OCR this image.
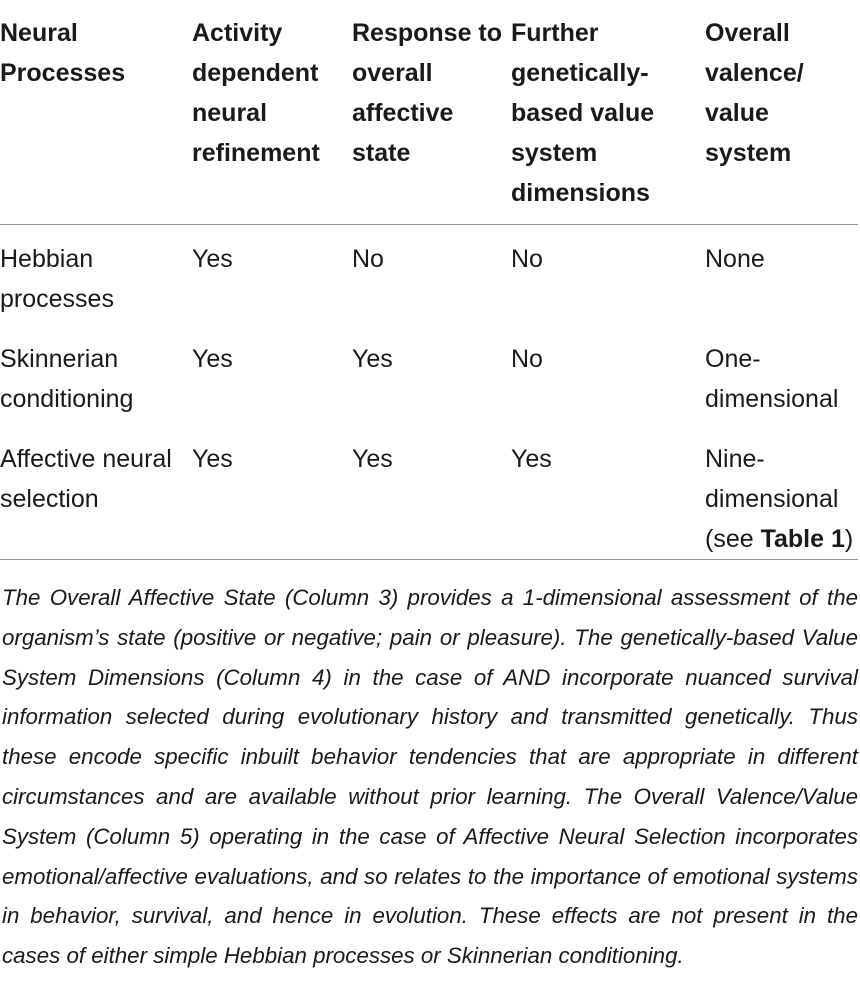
Neural Processes	Activity dependent neural refinement	Response to overall affective state	Further genetically-based value system dimensions	Overall valence/ value system
Hebbian processes	Yes	No	No	None
Skinnerian conditioning	Yes	Yes	No	One-dimensional
Affective neural selection	Yes	Yes	Yes	Nine-dimensional
(see Table 1)
The Overall Affective State (Column 3) provides a 1-dimensional assessment of the organism’s state (positive or negative; pain or pleasure). The genetically-based Value System Dimensions (Column 4) in the case of AND incorporate nuanced survival information selected during evolutionary history and transmitted genetically. Thus these encode specific inbuilt behavior tendencies that are appropriate in different circumstances and are available without prior learning. The Overall Valence/Value System (Column 5) operating in the case of Affective Neural Selection incorporates emotional/affective evaluations, and so relates to the importance of emotional systems in behavior, survival, and hence in evolution. These effects are not present in the cases of either simple Hebbian processes or Skinnerian conditioning.
